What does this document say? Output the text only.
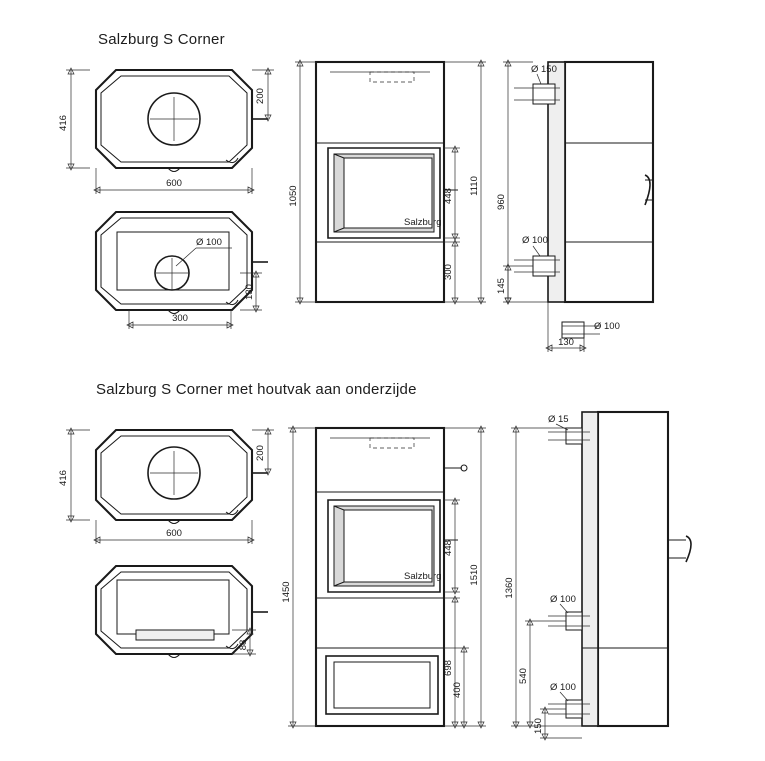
Salzburg S Corner
Salzburg S Corner met houtvak aan onderzijde
416
200
600
Ø 100
130
300
Salzburg
1050	448
1110
300
Ø 150
Ø 100
Ø 100
960
145
130
416
200
600
88
Salzburg
1450
448
1510
698
400
Ø 15
Ø 100
Ø 100
1360
540
150
